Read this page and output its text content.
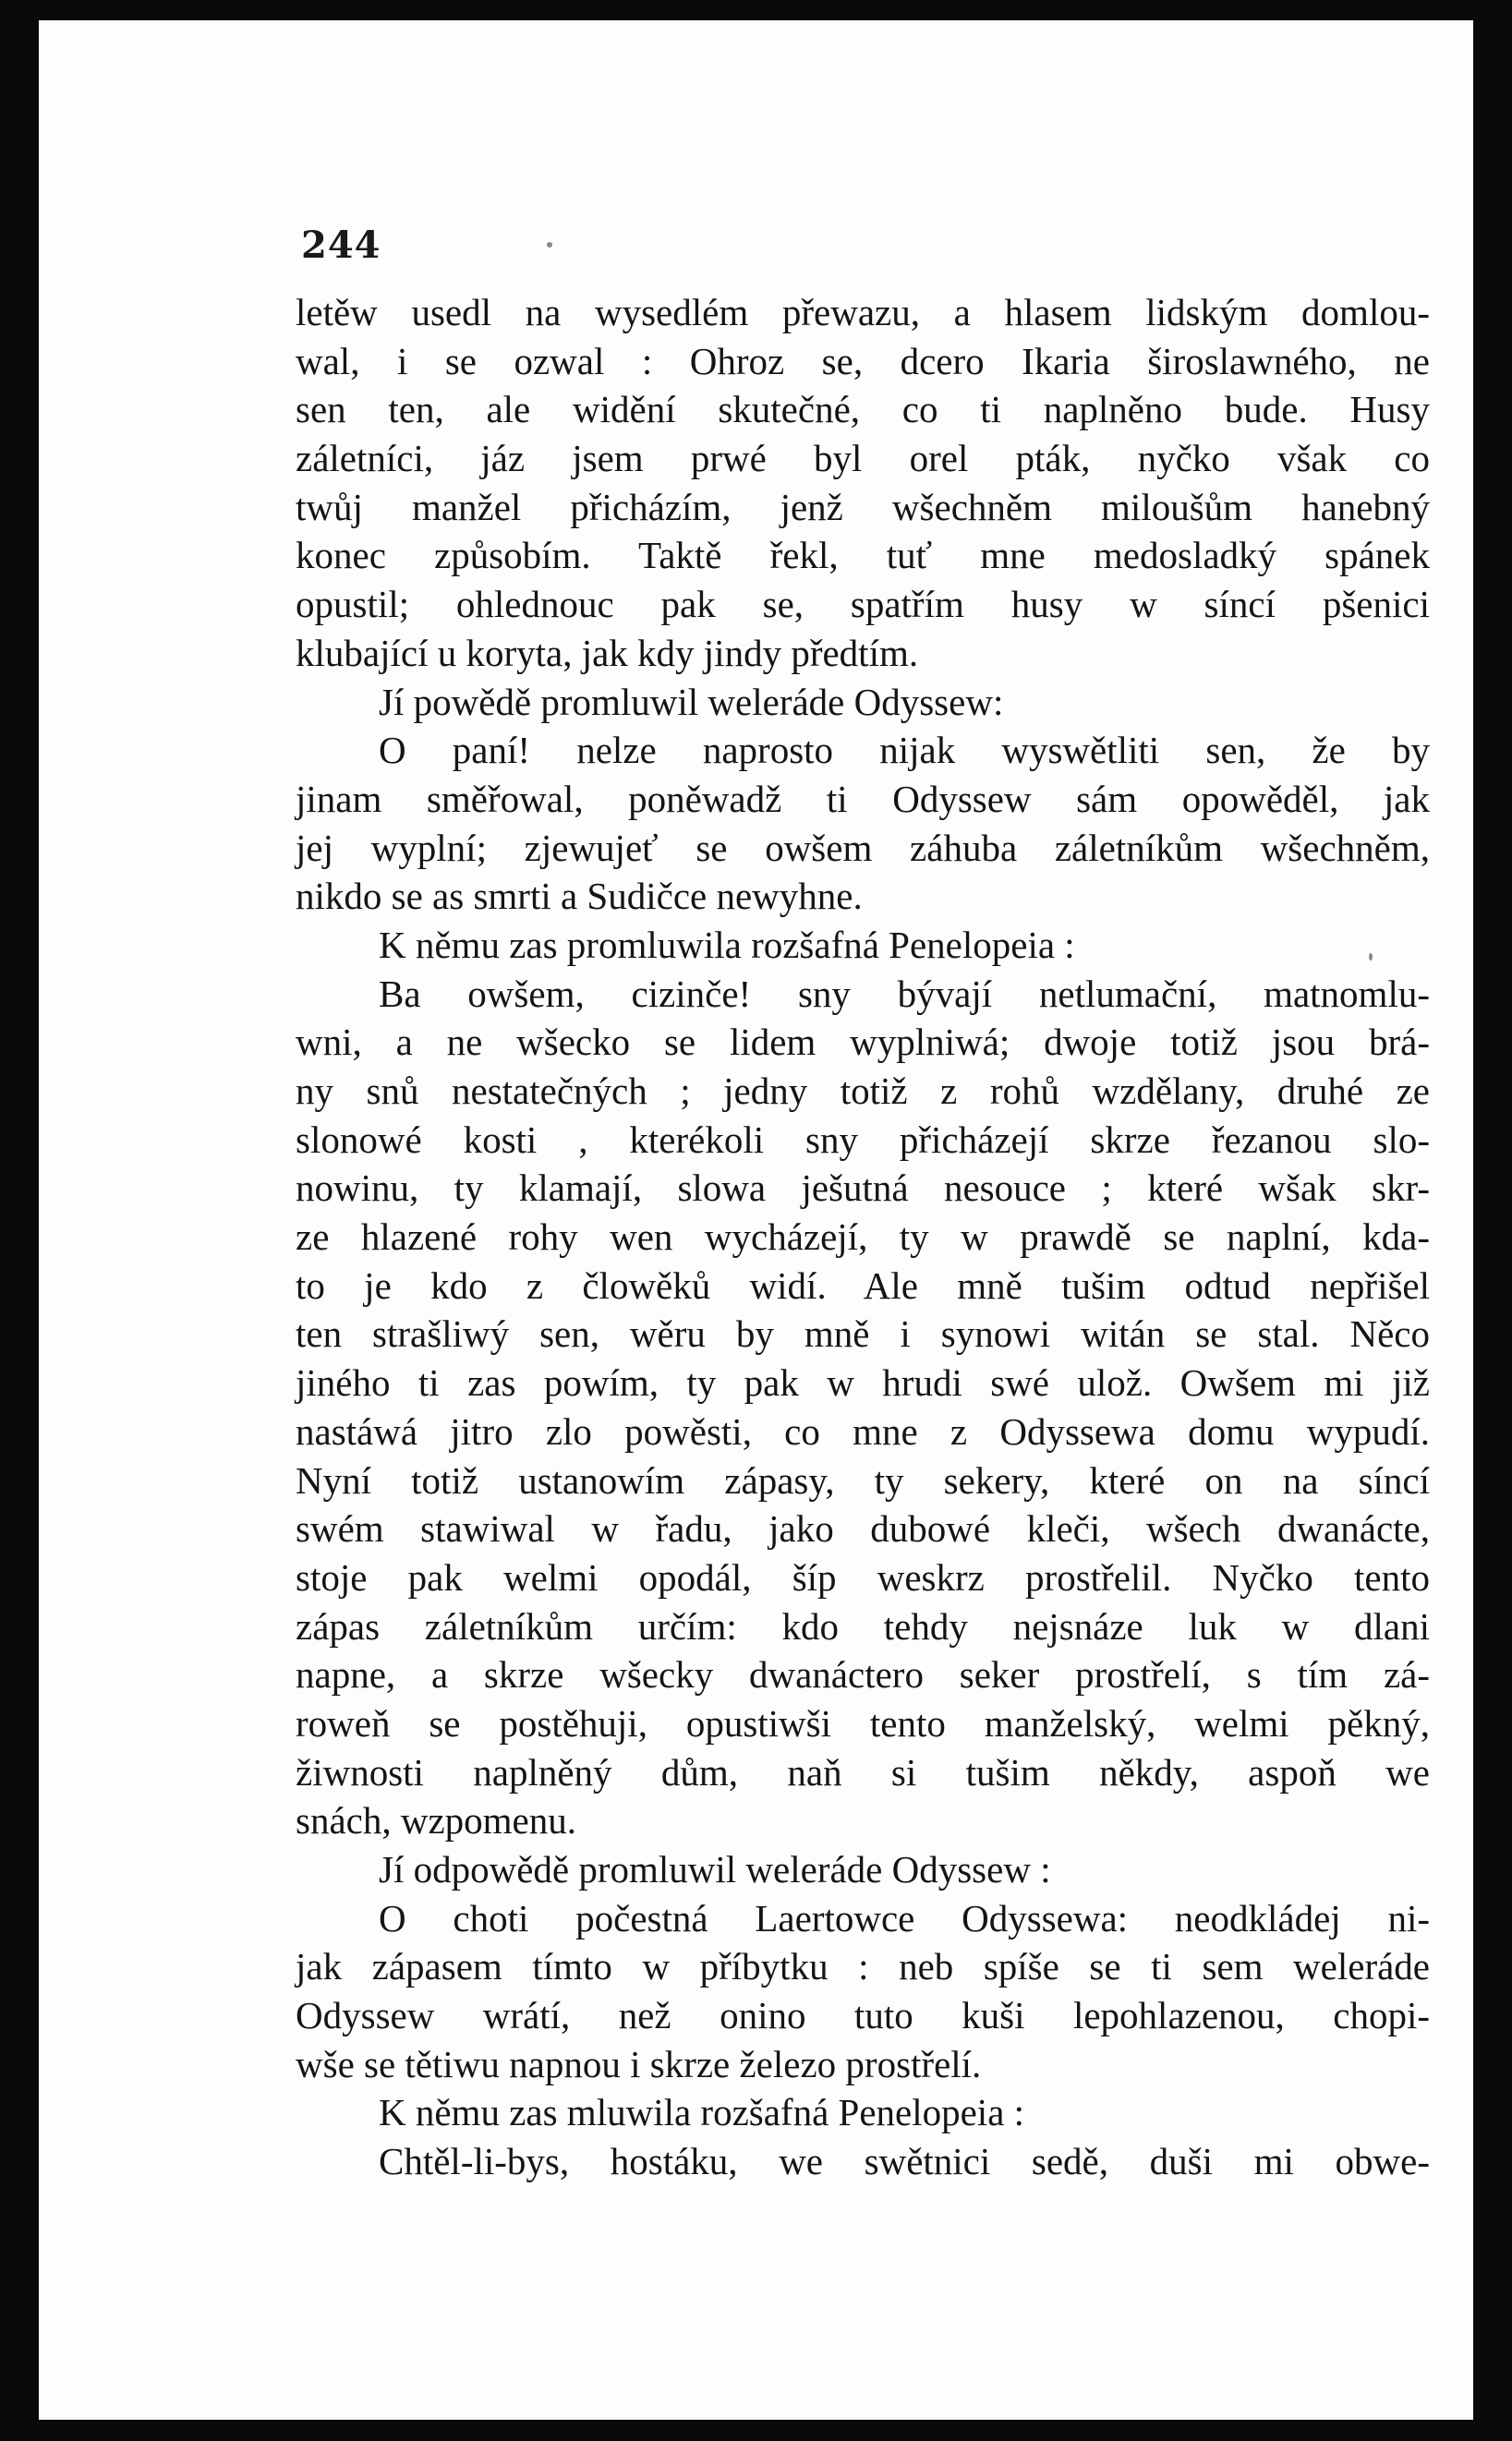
244
letěw usedl na wysedlém přewazu, a hlasem lidským domlou-
wal, i se ozwal : Ohroz se, dcero Ikaria široslawného, ne
sen ten, ale widění skutečné, co ti naplněno bude. Husy
záletníci, jáz jsem prwé byl orel pták, nyčko však co
twůj manžel přicházím, jenž wšechněm miloušům hanebný
konec způsobím. Taktě řekl, tuť mne medosladký spánek
opustil; ohlednouc pak se, spatřím husy w síncí pšenici
klubající u koryta, jak kdy jindy předtím.
Jí powědě promluwil weleráde Odyssew:
O paní! nelze naprosto nijak wyswětliti sen, že by
jinam směřowal, poněwadž ti Odyssew sám opowěděl, jak
jej wyplní; zjewujeť se owšem záhuba záletníkům wšechněm,
nikdo se as smrti a Sudičce newyhne.
K němu zas promluwila rozšafná Penelopeia :
Ba owšem, cizinče! sny bývají netlumační, matnomlu-
wni, a ne wšecko se lidem wyplniwá; dwoje totiž jsou brá-
ny snů nestatečných ; jedny totiž z rohů wzdělany, druhé ze
slonowé kosti , kterékoli sny přicházejí skrze řezanou slo-
nowinu, ty klamají, slowa ješutná nesouce ; které wšak skr-
ze hlazené rohy wen wycházejí, ty w prawdě se naplní, kdа-
to je kdo z člowěků widí. Ale mně tušim odtud nepřišel
ten strašliwý sen, wěru by mně i synowi witán se stal. Něco
jiného ti zas powím, ty pak w hrudi swé ulož. Owšem mi již
nastáwá jitro zlo powěsti, co mne z Odyssewa domu wypudí.
Nyní totiž ustanowím zápasy, ty sekery, které on na síncí
swém stawiwal w řadu, jako dubowé kleči, wšech dwanácte,
stoje pak welmi opodál, šíp weskrz prostřelil. Nyčko tento
zápas záletníkům určím: kdo tehdy nejsnáze luk w dlani
napne, a skrze wšecky dwanáctero seker prostřelí, s tím zá-
roweň se postěhuji, opustiwši tento manželský, welmi pěkný,
žiwnosti naplněný dům, naň si tušim někdy, aspoň we
snách, wzpomenu.
Jí odpowědě promluwil weleráde Odyssew :
O choti počestná Laertowce Odyssewa: neodkládej ni-
jak zápasem tímto w příbytku : neb spíše se ti sem weleráde
Odyssew wrátí, než onino tuto kuši lepohlazenou, chopi-
wše se tětiwu napnou i skrze železo prostřelí.
K němu zas mluwila rozšafná Penelopeia :
Chtěl-li-bys, hostáku, we swětnici sedě, duši mi obwe-
